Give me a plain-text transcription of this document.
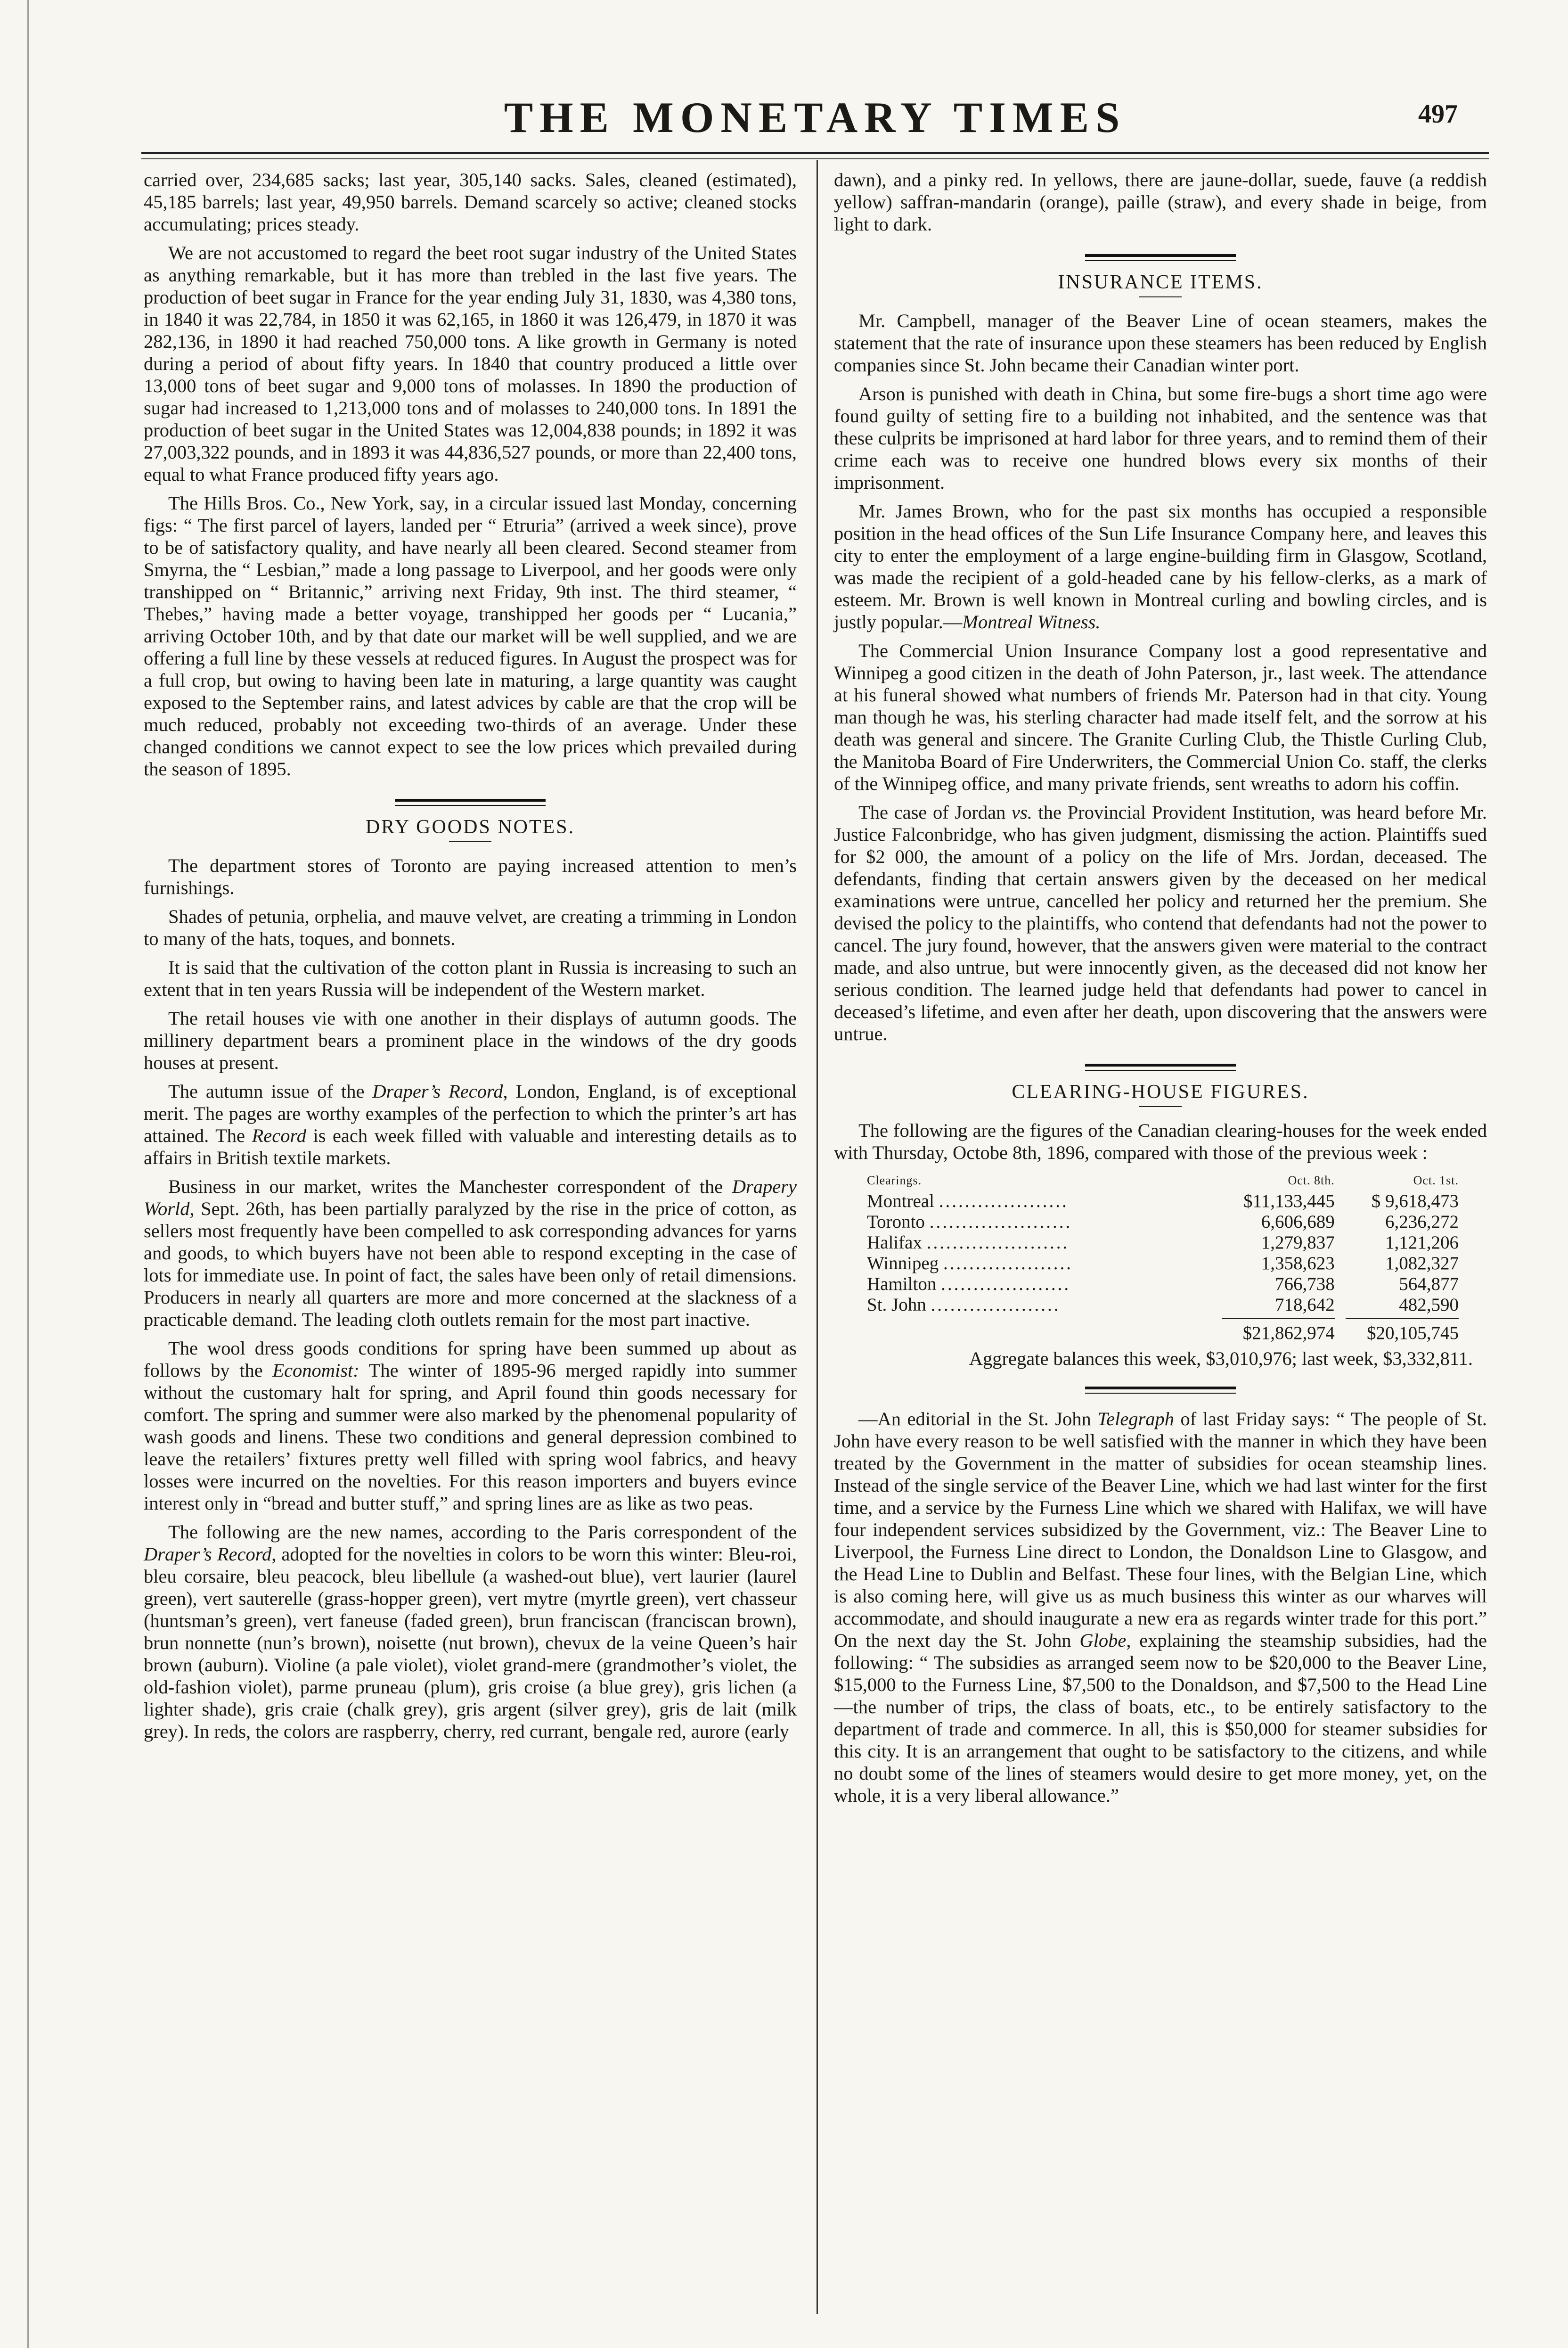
THE MONETARY TIMES	497

carried over, 234,685 sacks; last year, 305,140 sacks. Sales, cleaned (estimated), 45,185 barrels; last year, 49,950 barrels. Demand scarcely so active; cleaned stocks accumulating; prices steady.

We are not accustomed to regard the beet root sugar industry of the United States as anything remarkable, but it has more than trebled in the last five years. The production of beet sugar in France for the year ending July 31, 1830, was 4,380 tons, in 1840 it was 22,784, in 1850 it was 62,165, in 1860 it was 126,479, in 1870 it was 282,136, in 1890 it had reached 750,000 tons. A like growth in Germany is noted during a period of about fifty years. In 1840 that country produced a little over 13,000 tons of beet sugar and 9,000 tons of molasses. In 1890 the production of sugar had increased to 1,213,000 tons and of molasses to 240,000 tons. In 1891 the production of beet sugar in the United States was 12,004,838 pounds; in 1892 it was 27,003,322 pounds, and in 1893 it was 44,836,527 pounds, or more than 22,400 tons, equal to what France produced fifty years ago.

The Hills Bros. Co., New York, say, in a circular issued last Monday, concerning figs: “ The first parcel of layers, landed per “ Etruria” (arrived a week since), prove to be of satisfactory quality, and have nearly all been cleared. Second steamer from Smyrna, the “ Lesbian,” made a long passage to Liverpool, and her goods were only transhipped on “ Britannic,” arriving next Friday, 9th inst. The third steamer, “ Thebes,” having made a better voyage, transhipped her goods per “ Lucania,” arriving October 10th, and by that date our market will be well supplied, and we are offering a full line by these vessels at reduced figures. In August the prospect was for a full crop, but owing to having been late in maturing, a large quantity was caught exposed to the September rains, and latest advices by cable are that the crop will be much reduced, probably not exceeding two-thirds of an average. Under these changed conditions we cannot expect to see the low prices which prevailed during the season of 1895.

DRY GOODS NOTES.

The department stores of Toronto are paying increased attention to men’s furnishings.

Shades of petunia, orphelia, and mauve velvet, are creating a trimming in London to many of the hats, toques, and bonnets.

It is said that the cultivation of the cotton plant in Russia is increasing to such an extent that in ten years Russia will be independent of the Western market.

The retail houses vie with one another in their displays of autumn goods. The millinery department bears a prominent place in the windows of the dry goods houses at present.

The autumn issue of the Draper’s Record, London, England, is of exceptional merit. The pages are worthy examples of the perfection to which the printer’s art has attained. The Record is each week filled with valuable and interesting details as to affairs in British textile markets.

Business in our market, writes the Manchester correspondent of the Drapery World, Sept. 26th, has been partially paralyzed by the rise in the price of cotton, as sellers most frequently have been compelled to ask corresponding advances for yarns and goods, to which buyers have not been able to respond excepting in the case of lots for immediate use. In point of fact, the sales have been only of retail dimensions. Producers in nearly all quarters are more and more concerned at the slackness of a practicable demand. The leading cloth outlets remain for the most part inactive.

The wool dress goods conditions for spring have been summed up about as follows by the Economist: The winter of 1895-96 merged rapidly into summer without the customary halt for spring, and April found thin goods necessary for comfort. The spring and summer were also marked by the phenomenal popularity of wash goods and linens. These two conditions and general depression combined to leave the retailers’ fixtures pretty well filled with spring wool fabrics, and heavy losses were incurred on the novelties. For this reason importers and buyers evince interest only in “bread and butter stuff,” and spring lines are as like as two peas.

The following are the new names, according to the Paris correspondent of the Draper’s Record, adopted for the novelties in colors to be worn this winter: Bleu-roi, bleu corsaire, bleu peacock, bleu libellule (a washed-out blue), vert laurier (laurel green), vert sauterelle (grass-hopper green), vert mytre (myrtle green), vert chasseur (huntsman’s green), vert faneuse (faded green), brun franciscan (franciscan brown), brun nonnette (nun’s brown), noisette (nut brown), chevux de la veine Queen’s hair brown (auburn). Violine (a pale violet), violet grand-mere (grandmother’s violet, the old-fashion violet), parme pruneau (plum), gris croise (a blue grey), gris lichen (a lighter shade), gris craie (chalk grey), gris argent (silver grey), gris de lait (milk grey). In reds, the colors are raspberry, cherry, red currant, bengale red, aurore (early

dawn), and a pinky red. In yellows, there are jaune-dollar, suede, fauve (a reddish yellow) saffran-mandarin (orange), paille (straw), and every shade in beige, from light to dark.

INSURANCE ITEMS.

Mr. Campbell, manager of the Beaver Line of ocean steamers, makes the statement that the rate of insurance upon these steamers has been reduced by English companies since St. John became their Canadian winter port.

Arson is punished with death in China, but some fire-bugs a short time ago were found guilty of setting fire to a building not inhabited, and the sentence was that these culprits be imprisoned at hard labor for three years, and to remind them of their crime each was to receive one hundred blows every six months of their imprisonment.

Mr. James Brown, who for the past six months has occupied a responsible position in the head offices of the Sun Life Insurance Company here, and leaves this city to enter the employment of a large engine-building firm in Glasgow, Scotland, was made the recipient of a gold-headed cane by his fellow-clerks, as a mark of esteem. Mr. Brown is well known in Montreal curling and bowling circles, and is justly popular.—Montreal Witness.

The Commercial Union Insurance Company lost a good representative and Winnipeg a good citizen in the death of John Paterson, jr., last week. The attendance at his funeral showed what numbers of friends Mr. Paterson had in that city. Young man though he was, his sterling character had made itself felt, and the sorrow at his death was general and sincere. The Granite Curling Club, the Thistle Curling Club, the Manitoba Board of Fire Underwriters, the Commercial Union Co. staff, the clerks of the Winnipeg office, and many private friends, sent wreaths to adorn his coffin.

The case of Jordan vs. the Provincial Provident Institution, was heard before Mr. Justice Falconbridge, who has given judgment, dismissing the action. Plaintiffs sued for $2 000, the amount of a policy on the life of Mrs. Jordan, deceased. The defendants, finding that certain answers given by the deceased on her medical examinations were untrue, cancelled her policy and returned her the premium. She devised the policy to the plaintiffs, who contend that defendants had not the power to cancel. The jury found, however, that the answers given were material to the contract made, and also untrue, but were innocently given, as the deceased did not know her serious condition. The learned judge held that defendants had power to cancel in deceased’s lifetime, and even after her death, upon discovering that the answers were untrue.

CLEARING-HOUSE FIGURES.

The following are the figures of the Canadian clearing-houses for the week ended with Thursday, Octobe 8th, 1896, compared with those of the previous week :

Clearings.	Oct. 8th.	Oct. 1st.
Montreal ....................	$11,133,445	$ 9,618,473
Toronto ......................	6,606,689	6,236,272
Halifax ......................	1,279,837	1,121,206
Winnipeg ....................	1,358,623	1,082,327
Hamilton ....................	766,738	564,877
St. John ....................	718,642	482,590

	$21,862,974	$20,105,745
Aggregate balances this week, $3,010,976; last week, $3,332,811.

—An editorial in the St. John Telegraph of last Friday says: “ The people of St. John have every reason to be well satisfied with the manner in which they have been treated by the Government in the matter of subsidies for ocean steamship lines. Instead of the single service of the Beaver Line, which we had last winter for the first time, and a service by the Furness Line which we shared with Halifax, we will have four independent services subsidized by the Government, viz.: The Beaver Line to Liverpool, the Furness Line direct to London, the Donaldson Line to Glasgow, and the Head Line to Dublin and Belfast. These four lines, with the Belgian Line, which is also coming here, will give us as much business this winter as our wharves will accommodate, and should inaugurate a new era as regards winter trade for this port.” On the next day the St. John Globe, explaining the steamship subsidies, had the following: “ The subsidies as arranged seem now to be $20,000 to the Beaver Line, $15,000 to the Furness Line, $7,500 to the Donaldson, and $7,500 to the Head Line—the number of trips, the class of boats, etc., to be entirely satisfactory to the department of trade and commerce. In all, this is $50,000 for steamer subsidies for this city. It is an arrangement that ought to be satisfactory to the citizens, and while no doubt some of the lines of steamers would desire to get more money, yet, on the whole, it is a very liberal allowance.”
